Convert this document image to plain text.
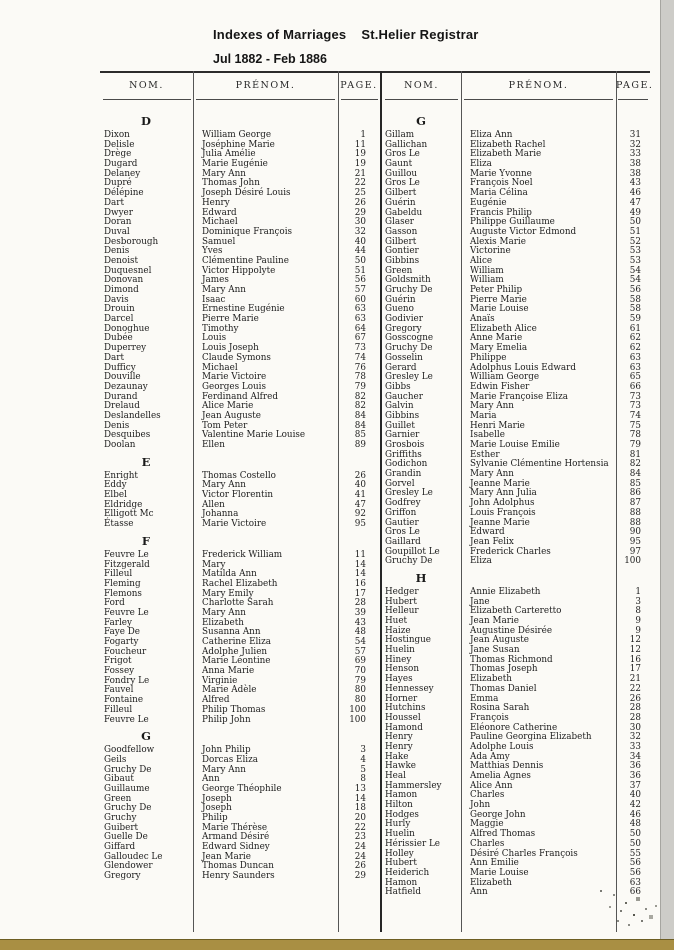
Indexes of Marriages St.Helier Registrar
Jul 1882 - Feb 1886
NOM.	PRÉNOM.	PAGE.	NOM.	PRÉNOM.	PAGE.
D
Dixon	William George	1
Delisle	Joséphine Marie	11
Drège	Julia Amélie	19
Dugard	Marie Eugénie	19
Delaney	Mary Ann	21
Dupré	Thomas John	22
Délépine	Joseph Désiré Louis	25
Dart	Henry	26
Dwyer	Edward	29
Doran	Michael	30
Duval	Dominique François	32
Desborough	Samuel	40
Denis	Yves	44
Denoist	Clémentine Pauline	50
Duquesnel	Victor Hippolyte	51
Donovan	James	56
Dimond	Mary Ann	57
Davis	Isaac	60
Drouin	Ernestine Eugénie	63
Darcel	Pierre Marie	63
Donoghue	Timothy	64
Dubée	Louis	67
Duperrey	Louis Joseph	73
Dart	Claude Symons	74
Dufficy	Michael	76
Douville	Marie Victoire	78
Dezaunay	Georges Louis	79
Durand	Ferdinand Alfred	82
Drelaud	Alice Marie	82
Deslandelles	Jean Auguste	84
Denis	Tom Peter	84
Desquibes	Valentine Marie Louise	85
Doolan	Ellen	89
E
Enright	Thomas Costello	26
Eddy	Mary Ann	40
Elbel	Victor Florentin	41
Eldridge	Allen	47
Elligott Mc	Johanna	92
Étasse	Marie Victoire	95
F
Feuvre Le	Frederick William	11
Fitzgerald	Mary	14
Filleul	Matilda Ann	14
Fleming	Rachel Elizabeth	16
Flemons	Mary Emily	17
Ford	Charlotte Sarah	28
Feuvre Le	Mary Ann	39
Farley	Elizabeth	43
Faye De	Susanna Ann	48
Fogarty	Catherine Eliza	54
Foucheur	Adolphe Julien	57
Frigot	Marie Léontine	69
Fossey	Anna Marie	70
Fondry Le	Virginie	79
Fauvel	Marie Adèle	80
Fontaine	Alfred	80
Filleul	Philip Thomas	100
Feuvre Le	Philip John	100
G
Goodfellow	John Philip	3
Geils	Dorcas Eliza	4
Gruchy De	Mary Ann	5
Gibaut	Ann	8
Guillaume	George Théophile	13
Green	Joseph	14
Gruchy De	Joseph	18
Gruchy	Philip	20
Guibert	Marie Thérèse	22
Guelle De	Armand Désiré	23
Giffard	Edward Sidney	24
Galloudec Le	Jean Marie	24
Glendower	Thomas Duncan	26
Gregory	Henry Saunders	29
G
Gillam	Eliza Ann	31
Gallichan	Elizabeth Rachel	32
Gros Le	Elizabeth Marie	33
Gaunt	Eliza	38
Guillou	Marie Yvonne	38
Gros Le	François Noel	43
Gilbert	Maria Célina	46
Guérin	Eugénie	47
Gabeldu	Francis Philip	49
Glaser	Philippe Guillaume	50
Gasson	Auguste Victor Edmond	51
Gilbert	Alexis Marie	52
Gontier	Victorine	53
Gibbins	Alice	53
Green	William	54
Goldsmith	William	54
Gruchy De	Peter Philip	56
Guérin	Pierre Marie	58
Gueno	Marie Louise	58
Godivier	Anaïs	59
Gregory	Elizabeth Alice	61
Gosscogne	Anne Marie	62
Gruchy De	Mary Emelia	62
Gosselin	Philippe	63
Gerard	Adolphus Louis Edward	63
Gresley Le	William George	65
Gibbs	Edwin Fisher	66
Gaucher	Marie Françoise Eliza	73
Galvin	Mary Ann	73
Gibbins	Maria	74
Guillet	Henri Marie	75
Garnier	Isabelle	78
Grosbois	Marie Louise Emilie	79
Griffiths	Esther	81
Godichon	Sylvanie Clémentine Hortensia	82
Grandin	Mary Ann	84
Gorvel	Jeanne Marie	85
Gresley Le	Mary Ann Julia	86
Godfrey	John Adolphus	87
Griffon	Louis François	88
Gautier	Jeanne Marie	88
Gros Le	Edward	90
Gaillard	Jean Felix	95
Goupillot Le	Frederick Charles	97
Gruchy De	Eliza	100
H
Hedger	Annie Elizabeth	1
Hubert	Jane	3
Helleur	Elizabeth Carteretto	8
Huet	Jean Marie	9
Haize	Augustine Désirée	9
Hostingue	Jean Auguste	12
Huelin	Jane Susan	12
Hiney	Thomas Richmond	16
Henson	Thomas Joseph	17
Hayes	Elizabeth	21
Hennessey	Thomas Daniel	22
Horner	Emma	26
Hutchins	Rosina Sarah	28
Houssel	François	28
Hamond	Eléonore Catherine	30
Henry	Pauline Georgina Elizabeth	32
Henry	Adolphe Louis	33
Hake	Ada Amy	34
Hawke	Matthias Dennis	36
Heal	Amelia Agnes	36
Hammersley	Alice Ann	37
Hamon	Charles	40
Hilton	John	42
Hodges	George John	46
Hurly	Maggie	48
Huelin	Alfred Thomas	50
Hérissier Le	Charles	50
Holley	Désiré Charles François	55
Hubert	Ann Emilie	56
Heiderich	Marie Louise	56
Hamon	Elizabeth	63
Hatfield	Ann	66
